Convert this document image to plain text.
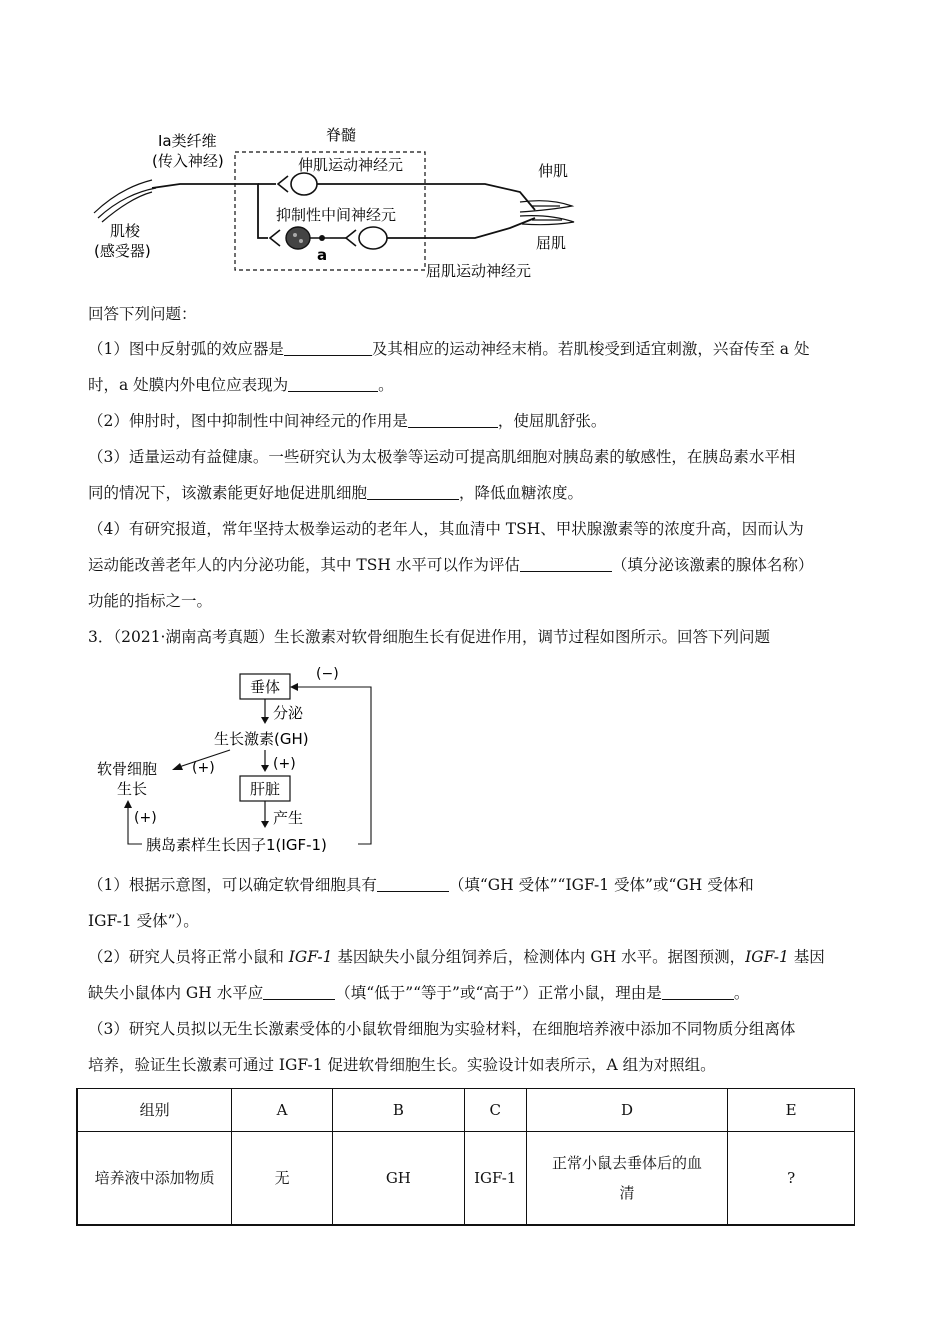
Ⅰa类纤维
(传入神经)
脊髓
伸肌运动神经元
抑制性中间神经元
a
肌梭
(感受器)
伸肌
屈肌
屈肌运动神经元
回答下列问题：
（1）图中反射弧的效应器是	及其相应的运动神经末梢。若肌梭受到适宜刺激，兴奋传至 a 处
时，a 处膜内外电位应表现为	。
（2）伸肘时，图中抑制性中间神经元的作用是	，使屈肌舒张。
（3）适量运动有益健康。一些研究认为太极拳等运动可提高肌细胞对胰岛素的敏感性，在胰岛素水平相
同的情况下，该激素能更好地促进肌细胞	，降低血糖浓度。
（4）有研究报道，常年坚持太极拳运动的老年人，其血清中 TSH、甲状腺激素等的浓度升高，因而认为
运动能改善老年人的内分泌功能，其中 TSH 水平可以作为评估	（填分泌该激素的腺体名称）
功能的指标之一。
3．（2021·湖南高考真题）生长激素对软骨细胞生长有促进作用，调节过程如图所示。回答下列问题
垂体
分泌
生长激素(GH)
(+)
软骨细胞
生长
(+)
肝脏
产生
胰岛素样生长因子1(IGF-1)
(+)
(−)
（1）根据示意图，可以确定软骨细胞具有	（填“GH 受体”“IGF-1 受体”或“GH 受体和
IGF-1 受体”）。
（2）研究人员将正常小鼠和 IGF-1 基因缺失小鼠分组饲养后，检测体内 GH 水平。据图预测，IGF-1 基因
缺失小鼠体内 GH 水平应	（填“低于”“等于”或“高于”）正常小鼠，理由是	。
（3）研究人员拟以无生长激素受体的小鼠软骨细胞为实验材料，在细胞培养液中添加不同物质分组离体
培养，验证生长激素可通过 IGF-1 促进软骨细胞生长。实验设计如表所示，A 组为对照组。
组别	A	B	C	D	E
培养液中添加物质	无	GH	IGF-1	正常小鼠去垂体后的血
清	?
